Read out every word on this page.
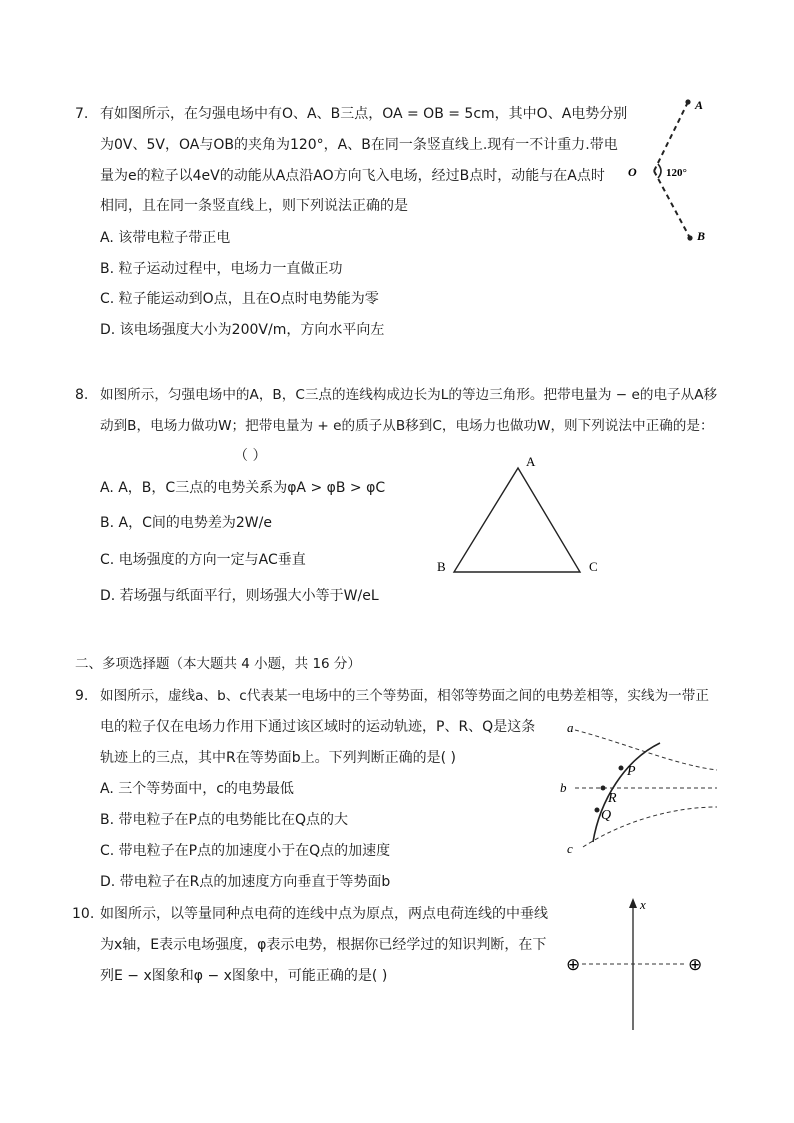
7. 有如图所示，在匀强电场中有O、A、B三点，OA = OB = 5cm，其中O、A电势分别
为0V、5V，OA与OB的夹角为120°，A、B在同一条竖直线上.现有一不计重力.带电
量为e的粒子以4eV的动能从A点沿AO方向飞入电场，经过B点时，动能与在A点时
相同，且在同一条竖直线上，则下列说法正确的是
A. 该带电粒子带正电
B. 粒子运动过程中，电场力一直做正功
C. 粒子能运动到O点，且在O点时电势能为零
D. 该电场强度大小为200V/m，方向水平向左
A
B
O	120°
8. 如图所示，匀强电场中的A，B，C三点的连线构成边长为L的等边三角形。把带电量为 − e的电子从A移
动到B，电场力做功W；把带电量为 + e的质子从B移到C，电场力也做功W，则下列说法中正确的是：
（ ）
A. A，B，C三点的电势关系为φA > φB > φC
B. A，C间的电势差为2W/e
C. 电场强度的方向一定与AC垂直
D. 若场强与纸面平行，则场强大小等于W/eL
A
B	C
二、多项选择题（本大题共 4 小题，共 16 分）
9. 如图所示，虚线a、b、c代表某一电场中的三个等势面，相邻等势面之间的电势差相等，实线为一带正
电的粒子仅在电场力作用下通过该区域时的运动轨迹，P、R、Q是这条
轨迹上的三点，其中R在等势面b上。下列判断正确的是( )
A. 三个等势面中，c的电势最低
B. 带电粒子在P点的电势能比在Q点的大
C. 带电粒子在P点的加速度小于在Q点的加速度
D. 带电粒子在R点的加速度方向垂直于等势面b
a
b
c
P
R
Q
10. 如图所示，以等量同种点电荷的连线中点为原点，两点电荷连线的中垂线
为x轴，E表示电场强度，φ表示电势，根据你已经学过的知识判断，在下
列E − x图象和φ − x图象中，可能正确的是( )
x
⊕	⊕
